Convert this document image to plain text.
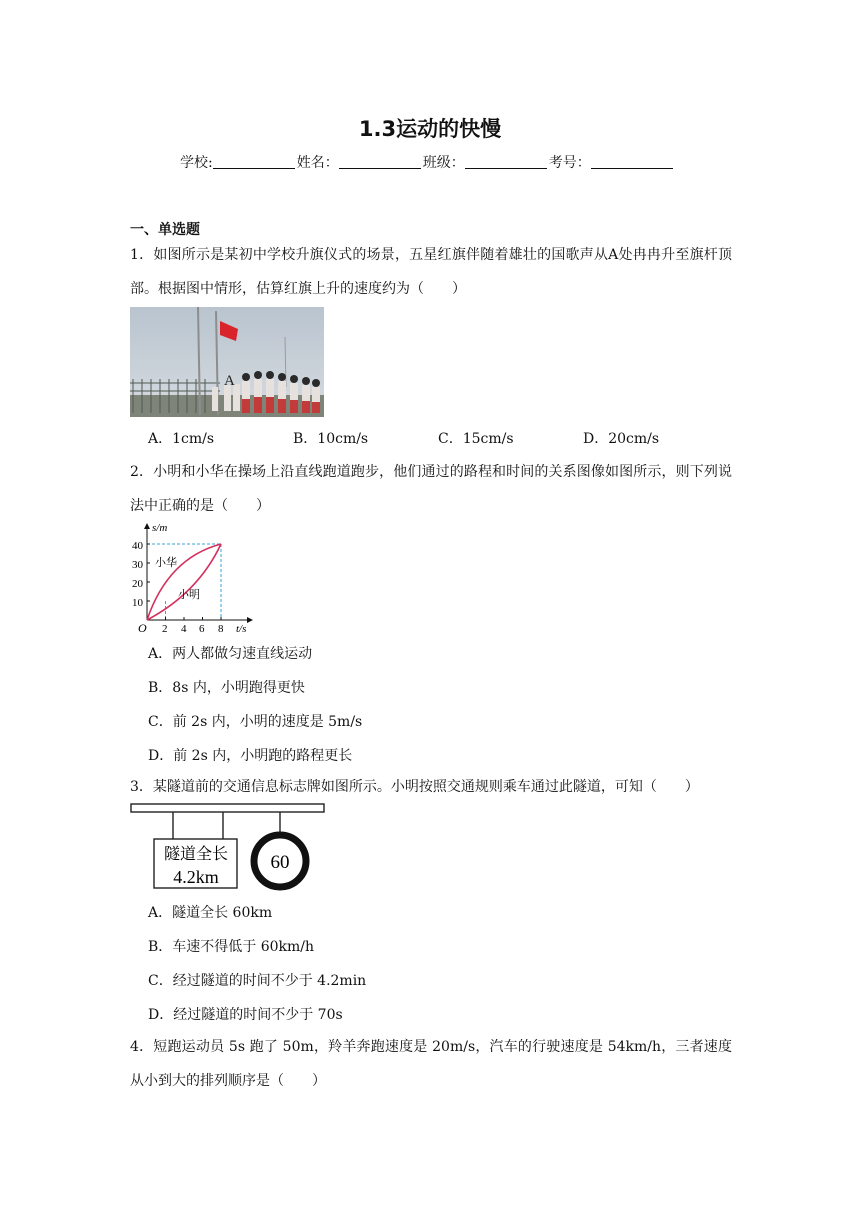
1.3运动的快慢
学校:	姓名：	班级：	考号：
一、单选题
1．如图所示是某初中学校升旗仪式的场景，五星红旗伴随着雄壮的国歌声从A处冉冉升至旗杆顶部。根据图中情形，估算红旗上升的速度约为（　　）
A
A．1cm/s	B．10cm/s	C．15cm/s	D．20cm/s
2．小明和小华在操场上沿直线跑道跑步，他们通过的路程和时间的关系图像如图所示，则下列说法中正确的是（　　）
10
20
30
40
2 4 6 8
O
s/m
t/s
小华
小明
A．两人都做匀速直线运动
B．8s 内，小明跑得更快
C．前 2s 内，小明的速度是 5m/s
D．前 2s 内，小明跑的路程更长
3．某隧道前的交通信息标志牌如图所示。小明按照交通规则乘车通过此隧道，可知（　　）
隧道全长
4.2km
60
A．隧道全长 60km
B．车速不得低于 60km/h
C．经过隧道的时间不少于 4.2min
D．经过隧道的时间不少于 70s
4．短跑运动员 5s 跑了 50m，羚羊奔跑速度是 20m/s，汽车的行驶速度是 54km/h，三者速度从小到大的排列顺序是（　　）
